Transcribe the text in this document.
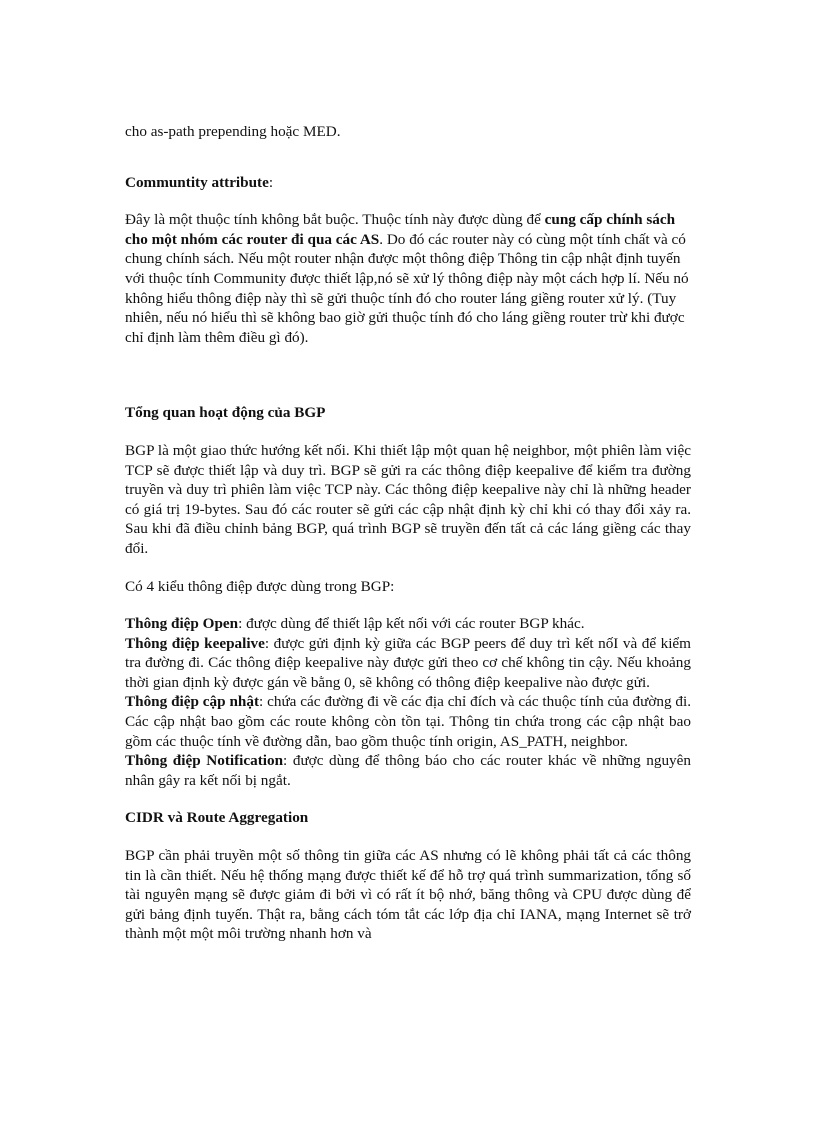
cho as-path prepending hoặc MED.

Communtity attribute:

Đây là một thuộc tính không bắt buộc. Thuộc tính này được dùng để cung cấp chính sách cho một nhóm các router đi qua các AS. Do đó các router này có cùng một tính chất và có chung chính sách. Nếu một router nhận được một thông điệp Thông tin cập nhật định tuyến với thuộc tính Community được thiết lập,nó sẽ xử lý thông điệp này một cách hợp lí. Nếu nó không hiểu thông điệp này thì sẽ gửi thuộc tính đó cho router láng giềng router xử lý. (Tuy nhiên, nếu nó hiểu thì sẽ không bao giờ gửi thuộc tính đó cho láng giềng router trừ khi được chỉ định làm thêm điều gì đó).

Tổng quan hoạt động của BGP

BGP là một giao thức hướng kết nối. Khi thiết lập một quan hệ neighbor, một phiên làm việc TCP sẽ được thiết lập và duy trì. BGP sẽ gửi ra các thông điệp keepalive để kiểm tra đường truyền và duy trì phiên làm việc TCP này. Các thông điệp keepalive này chỉ là những header có giá trị 19-bytes. Sau đó các router sẽ gửi các cập nhật định kỳ chỉ khi có thay đổi xảy ra. Sau khi đã điều chỉnh bảng BGP, quá trình BGP sẽ truyền đến tất cả các láng giềng các thay đổi.

Có 4 kiểu thông điệp được dùng trong BGP:

Thông điệp Open: được dùng để thiết lập kết nối với các router BGP khác.

Thông điệp keepalive: được gửi định kỳ giữa các BGP peers để duy trì kết nốI và để kiểm tra đường đi. Các thông điệp keepalive này được gửi theo cơ chế không tin cậy. Nếu khoảng thời gian định kỳ được gán về bằng 0, sẽ không có thông điệp keepalive nào được gửi.

Thông điệp cập nhật: chứa các đường đi về các địa chỉ đích và các thuộc tính của đường đi. Các cập nhật bao gồm các route không còn tồn tại. Thông tin chứa trong các cập nhật bao gồm các thuộc tính về đường dẫn, bao gồm thuộc tính origin, AS_PATH, neighbor.

Thông điệp Notification: được dùng để thông báo cho các router khác về những nguyên nhân gây ra kết nối bị ngắt.

CIDR và Route Aggregation

BGP cần phải truyền một số thông tin giữa các AS nhưng có lẽ không phải tất cả các thông tin là cần thiết. Nếu hệ thống mạng được thiết kế để hỗ trợ quá trình summarization, tổng số tài nguyên mạng sẽ được giảm đi bởi vì có rất ít bộ nhớ, băng thông và CPU được dùng để gửi bảng định tuyến. Thật ra, bằng cách tóm tắt các lớp địa chỉ IANA, mạng Internet sẽ trở thành một một môi trường nhanh hơn và
